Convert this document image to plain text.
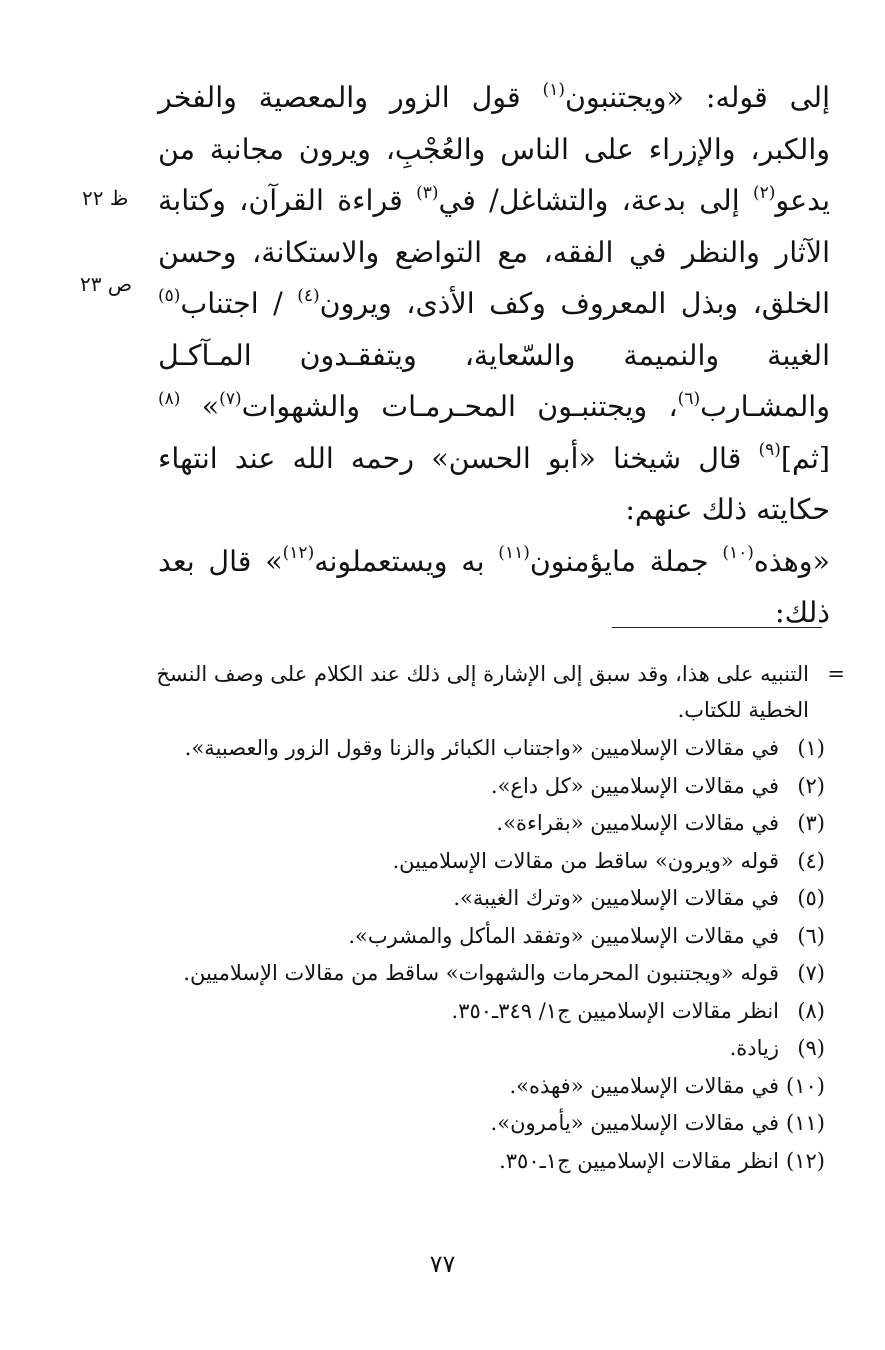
إلى قوله: «ويجتنبون$^{(١)}$ قول الزور والمعصية والفخر والكبر، والإزراء على الناس والعُجْبِ، ويرون مجانبة من يدعو$^{(٢)}$ إلى بدعة، والتشاغل/ في$^{(٣)}$ قراءة القرآن، وكتابة الآثار والنظر في الفقه، مع التواضع والاستكانة، وحسن الخلق، وبذل المعروف وكف الأذى، ويرون$^{(٤)}$ / اجتناب$^{(٥)}$ الغيبة والنميمة والسّعاية، ويتفقـدون المـآكـل والمشـارب$^{(٦)}$، ويجتنبـون المحـرمـات والشهوات$^{(٧)}$» $^{(٨)}$ [ثم]$^{(٩)}$ قال شيخنا «أبو الحسن» رحمه الله عند انتهاء حكايته ذلك عنهم:

«وهذه$^{(١٠)}$ جملة مايؤمنون$^{(١١)}$ به ويستعملونه$^{(١٢)}$» قال بعد ذلك:

ظ ٢٢
ص ٢٣
=
التنبيه على هذا، وقد سبق إلى الإشارة إلى ذلك عند الكلام على وصف النسخ الخطية للكتاب.
(١)
في مقالات الإسلاميين «واجتناب الكبائر والزنا وقول الزور والعصبية».
(٢)
في مقالات الإسلاميين «كل داع».
(٣)
في مقالات الإسلاميين «بقراءة».
(٤)
قوله «ويرون» ساقط من مقالات الإسلاميين.
(٥)
في مقالات الإسلاميين «وترك الغيبة».
(٦)
في مقالات الإسلاميين «وتفقد المأكل والمشرب».
(٧)
قوله «ويجتنبون المحرمات والشهوات» ساقط من مقالات الإسلاميين.
(٨)
انظر مقالات الإسلاميين ج١/ ٣٤٩ـ٣٥٠.
(٩)
زيادة.
(١٠)
في مقالات الإسلاميين «فهذه».
(١١)
في مقالات الإسلاميين «يأمرون».
(١٢)
انظر مقالات الإسلاميين ج١ـ٣٥٠.
٧٧
